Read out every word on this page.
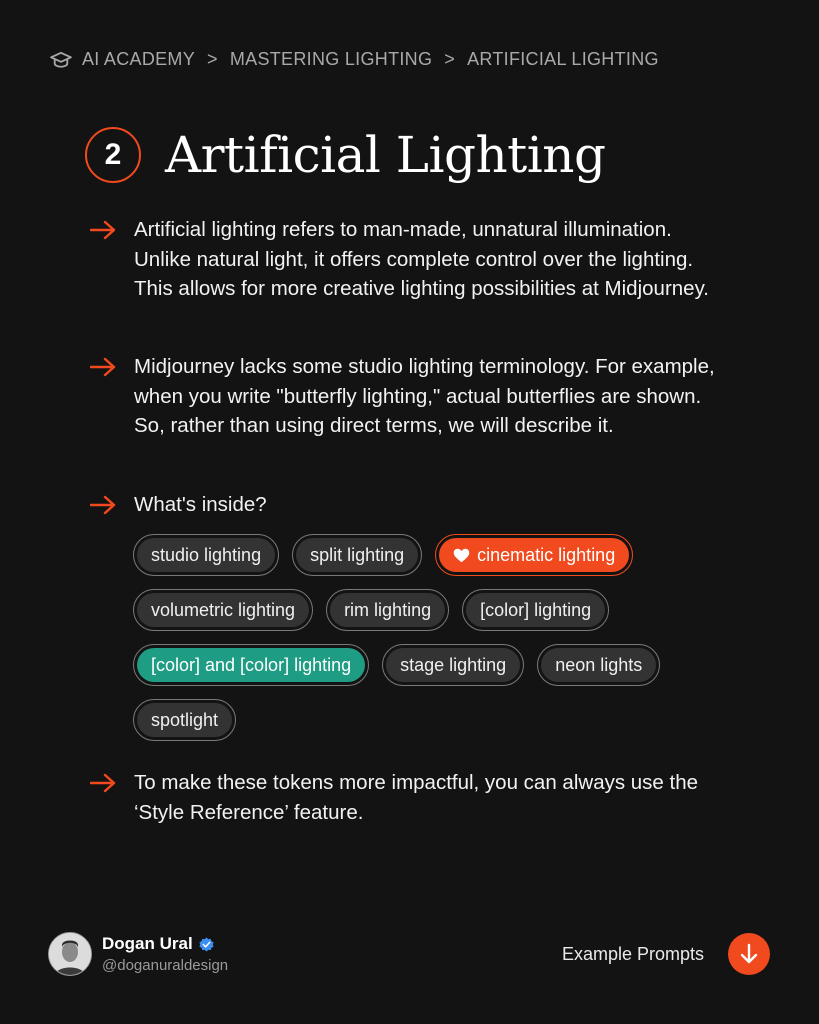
AI ACADEMY > MASTERING LIGHTING > ARTIFICIAL LIGHTING
2 Artificial Lighting

Artificial lighting refers to man-made, unnatural illumination. Unlike natural light, it offers complete control over the lighting. This allows for more creative lighting possibilities at Midjourney.

Midjourney lacks some studio lighting terminology. For example, when you write "butterfly lighting," actual butterflies are shown. So, rather than using direct terms, we will describe it.

What's inside?

studio lighting	split lighting	cinematic lighting
volumetric lighting	rim lighting	[color] lighting
[color] and [color] lighting	stage lighting	neon lights
spotlight

To make these tokens more impactful, you can always use the ‘Style Reference’ feature.

Dogan Ural
@doganuraldesign
Example Prompts
